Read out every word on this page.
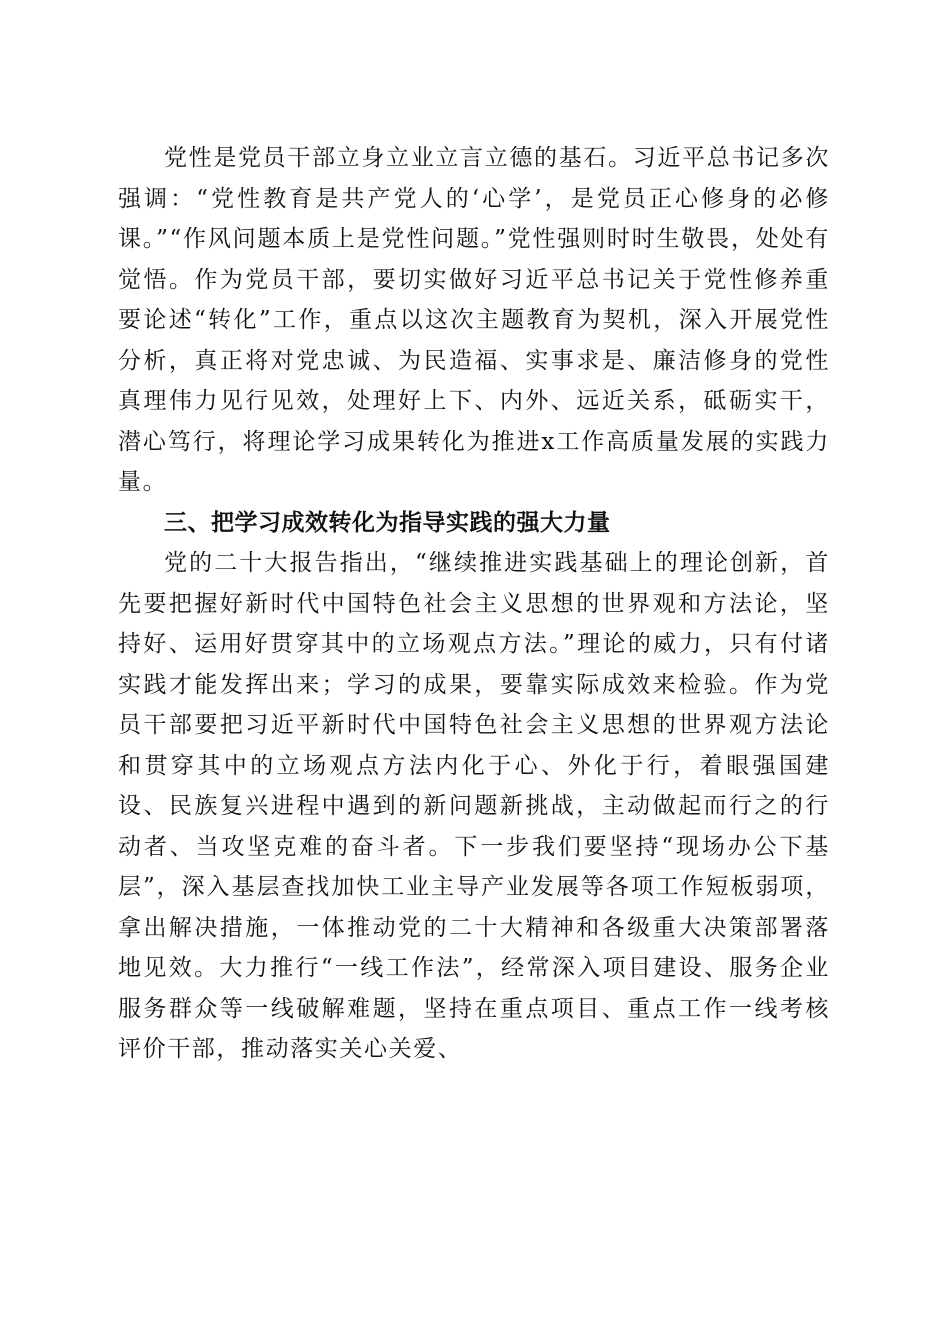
党性是党员干部立身立业立言立德的基石。习近平总书记多次强调：“党性教育是共产党人的‘心学’，是党员正心修身的必修课。”“作风问题本质上是党性问题。”党性强则时时生敬畏，处处有觉悟。作为党员干部，要切实做好习近平总书记关于党性修养重要论述“转化”工作，重点以这次主题教育为契机，深入开展党性分析，真正将对党忠诚、为民造福、实事求是、廉洁修身的党性真理伟力见行见效，处理好上下、内外、远近关系，砥砺实干，潜心笃行，将理论学习成果转化为推进x工作高质量发展的实践力量。

三、把学习成效转化为指导实践的强大力量

党的二十大报告指出，“继续推进实践基础上的理论创新，首先要把握好新时代中国特色社会主义思想的世界观和方法论，坚持好、运用好贯穿其中的立场观点方法。”理论的威力，只有付诸实践才能发挥出来；学习的成果，要靠实际成效来检验。作为党员干部要把习近平新时代中国特色社会主义思想的世界观方法论和贯穿其中的立场观点方法内化于心、外化于行，着眼强国建设、民族复兴进程中遇到的新问题新挑战，主动做起而行之的行动者、当攻坚克难的奋斗者。下一步我们要坚持“现场办公下基层”，深入基层查找加快工业主导产业发展等各项工作短板弱项，拿出解决措施，一体推动党的二十大精神和各级重大决策部署落地见效。大力推行“一线工作法”，经常深入项目建设、服务企业服务群众等一线破解难题，坚持在重点项目、重点工作一线考核评价干部，推动落实关心关爱、
